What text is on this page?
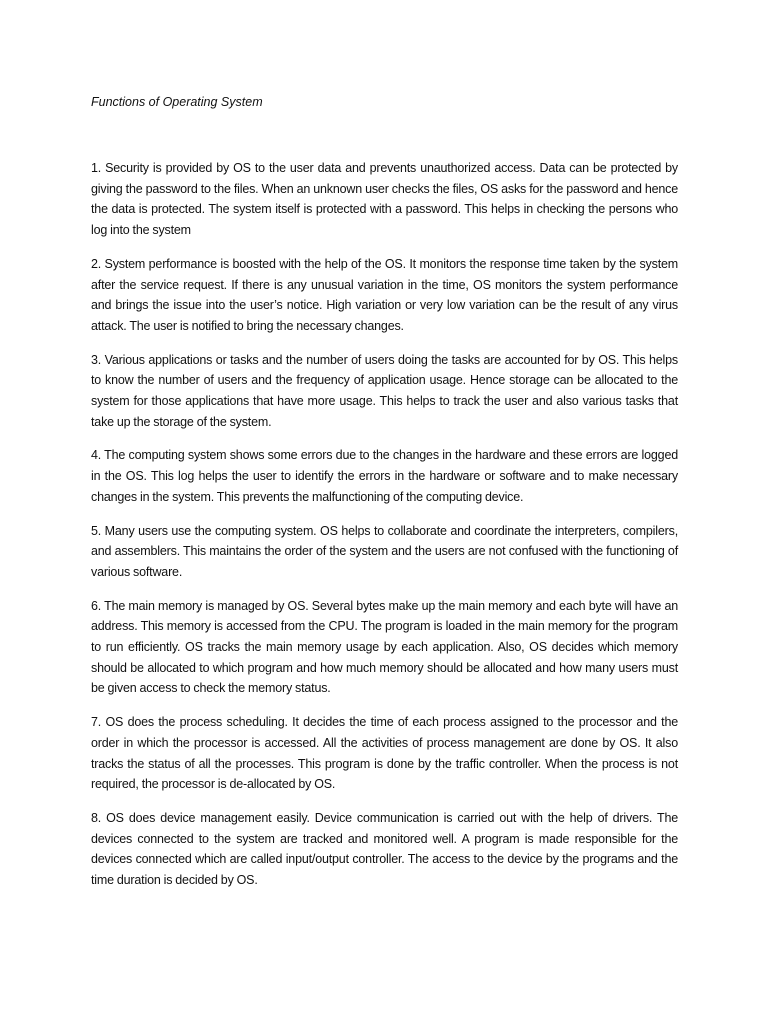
Functions of Operating System

1. Security is provided by OS to the user data and prevents unauthorized access. Data can be protected by giving the password to the files. When an unknown user checks the files, OS asks for the password and hence the data is protected. The system itself is protected with a password. This helps in checking the persons who log into the system

2. System performance is boosted with the help of the OS. It monitors the response time taken by the system after the service request. If there is any unusual variation in the time, OS monitors the system performance and brings the issue into the user’s notice. High variation or very low variation can be the result of any virus attack. The user is notified to bring the necessary changes.

3. Various applications or tasks and the number of users doing the tasks are accounted for by OS. This helps to know the number of users and the frequency of application usage. Hence storage can be allocated to the system for those applications that have more usage. This helps to track the user and also various tasks that take up the storage of the system.

4. The computing system shows some errors due to the changes in the hardware and these errors are logged in the OS. This log helps the user to identify the errors in the hardware or software and to make necessary changes in the system. This prevents the malfunctioning of the computing device.

5. Many users use the computing system. OS helps to collaborate and coordinate the interpreters, compilers, and assemblers. This maintains the order of the system and the users are not confused with the functioning of various software.

6. The main memory is managed by OS. Several bytes make up the main memory and each byte will have an address. This memory is accessed from the CPU. The program is loaded in the main memory for the program to run efficiently. OS tracks the main memory usage by each application. Also, OS decides which memory should be allocated to which program and how much memory should be allocated and how many users must be given access to check the memory status.

7. OS does the process scheduling. It decides the time of each process assigned to the processor and the order in which the processor is accessed. All the activities of process management are done by OS. It also tracks the status of all the processes. This program is done by the traffic controller. When the process is not required, the processor is de-allocated by OS.

8. OS does device management easily. Device communication is carried out with the help of drivers. The devices connected to the system are tracked and monitored well. A program is made responsible for the devices connected which are called input/output controller. The access to the device by the programs and the time duration is decided by OS.
